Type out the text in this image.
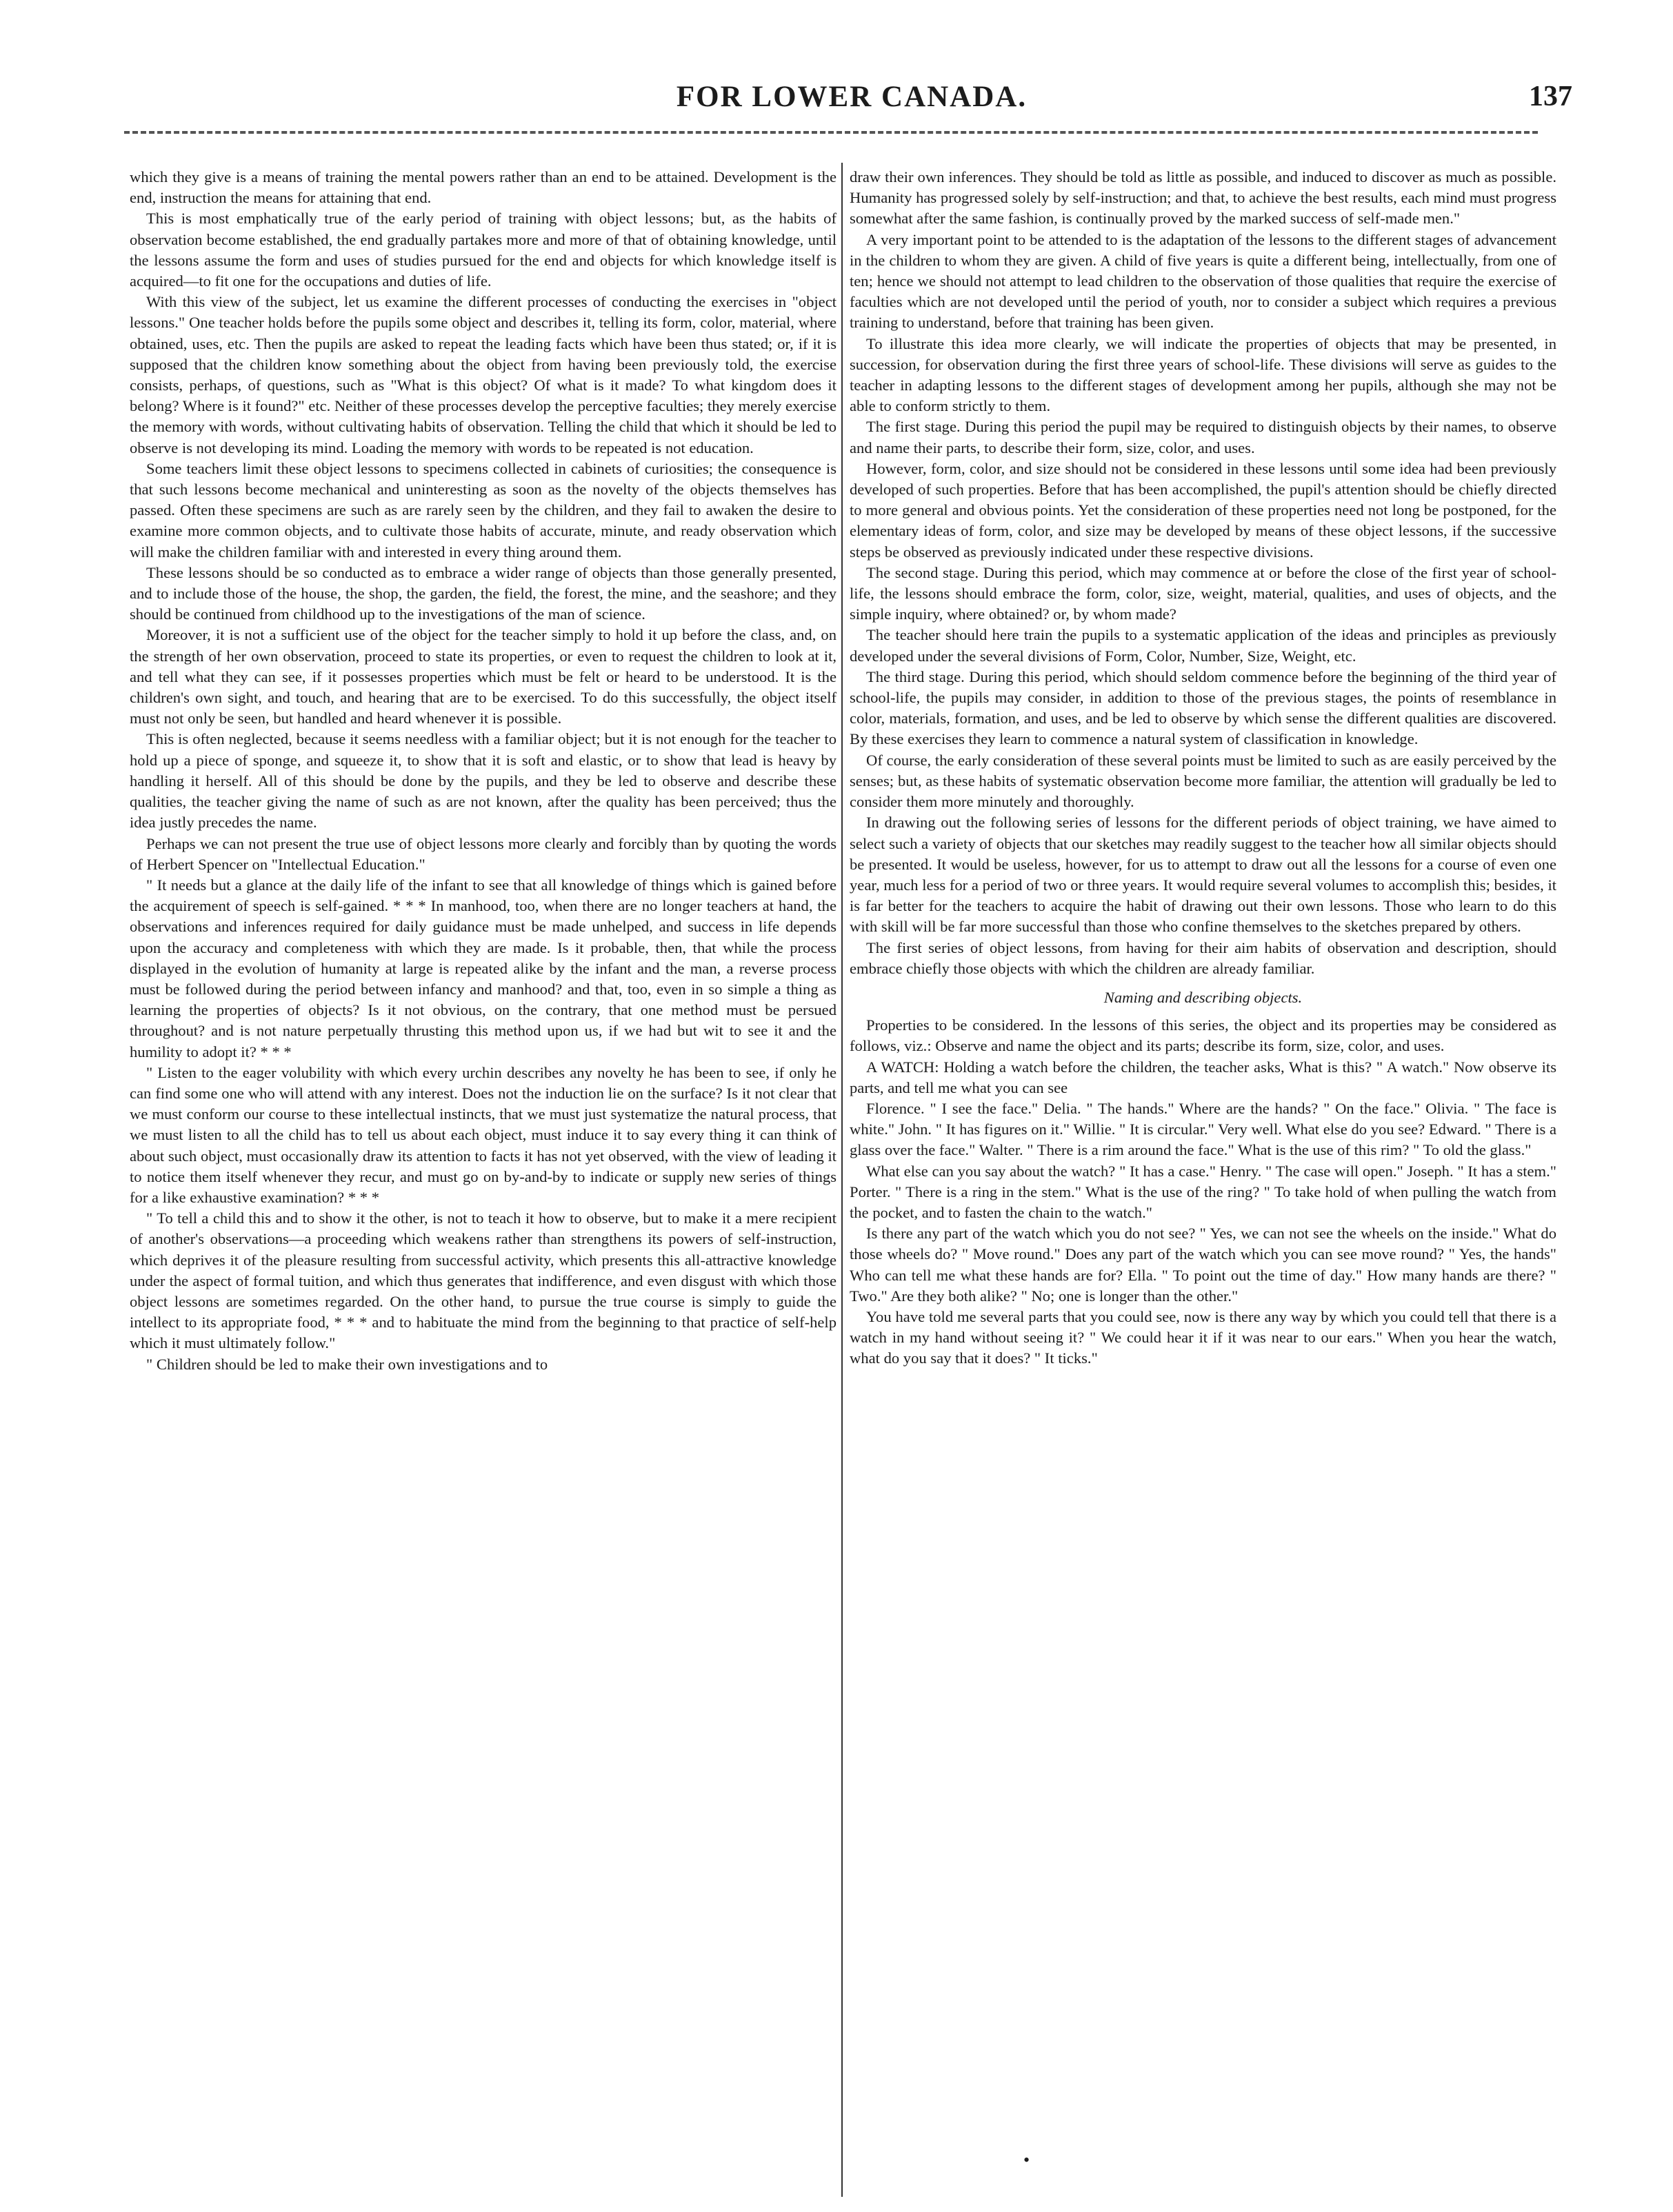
FOR LOWER CANADA.	137

which they give is a means of training the mental powers rather than an end to be attained. Development is the end, instruction the means for attaining that end.

This is most emphatically true of the early period of training with object lessons; but, as the habits of observation become established, the end gradually partakes more and more of that of obtaining knowledge, until the lessons assume the form and uses of studies pursued for the end and objects for which knowledge itself is acquired—to fit one for the occupations and duties of life.

With this view of the subject, let us examine the different processes of conducting the exercises in "object lessons." One teacher holds before the pupils some object and describes it, telling its form, color, material, where obtained, uses, etc. Then the pupils are asked to repeat the leading facts which have been thus stated; or, if it is supposed that the children know something about the object from having been previously told, the exercise consists, perhaps, of questions, such as "What is this object? Of what is it made? To what kingdom does it belong? Where is it found?" etc. Neither of these processes develop the perceptive faculties; they merely exercise the memory with words, without cultivating habits of observation. Telling the child that which it should be led to observe is not developing its mind. Loading the memory with words to be repeated is not education.

Some teachers limit these object lessons to specimens collected in cabinets of curiosities; the consequence is that such lessons become mechanical and uninteresting as soon as the novelty of the objects themselves has passed. Often these specimens are such as are rarely seen by the children, and they fail to awaken the desire to examine more common objects, and to cultivate those habits of accurate, minute, and ready observation which will make the children familiar with and interested in every thing around them.

These lessons should be so conducted as to embrace a wider range of objects than those generally presented, and to include those of the house, the shop, the garden, the field, the forest, the mine, and the seashore; and they should be continued from childhood up to the investigations of the man of science.

Moreover, it is not a sufficient use of the object for the teacher simply to hold it up before the class, and, on the strength of her own observation, proceed to state its properties, or even to request the children to look at it, and tell what they can see, if it possesses properties which must be felt or heard to be understood. It is the children's own sight, and touch, and hearing that are to be exercised. To do this successfully, the object itself must not only be seen, but handled and heard whenever it is possible.

This is often neglected, because it seems needless with a familiar object; but it is not enough for the teacher to hold up a piece of sponge, and squeeze it, to show that it is soft and elastic, or to show that lead is heavy by handling it herself. All of this should be done by the pupils, and they be led to observe and describe these qualities, the teacher giving the name of such as are not known, after the quality has been perceived; thus the idea justly precedes the name.

Perhaps we can not present the true use of object lessons more clearly and forcibly than by quoting the words of Herbert Spencer on "Intellectual Education."

" It needs but a glance at the daily life of the infant to see that all knowledge of things which is gained before the acquirement of speech is self-gained. * * * In manhood, too, when there are no longer teachers at hand, the observations and inferences required for daily guidance must be made unhelped, and success in life depends upon the accuracy and completeness with which they are made. Is it probable, then, that while the process displayed in the evolution of humanity at large is repeated alike by the infant and the man, a reverse process must be followed during the period between infancy and manhood? and that, too, even in so simple a thing as learning the properties of objects? Is it not obvious, on the contrary, that one method must be persued throughout? and is not nature perpetually thrusting this method upon us, if we had but wit to see it and the humility to adopt it? * * *

" Listen to the eager volubility with which every urchin describes any novelty he has been to see, if only he can find some one who will attend with any interest. Does not the induction lie on the surface? Is it not clear that we must conform our course to these intellectual instincts, that we must just systematize the natural process, that we must listen to all the child has to tell us about each object, must induce it to say every thing it can think of about such object, must occasionally draw its attention to facts it has not yet observed, with the view of leading it to notice them itself whenever they recur, and must go on by-and-by to indicate or supply new series of things for a like exhaustive examination? * * *

" To tell a child this and to show it the other, is not to teach it how to observe, but to make it a mere recipient of another's observations—a proceeding which weakens rather than strengthens its powers of self-instruction, which deprives it of the pleasure resulting from successful activity, which presents this all-attractive knowledge under the aspect of formal tuition, and which thus generates that indifference, and even disgust with which those object lessons are sometimes regarded. On the other hand, to pursue the true course is simply to guide the intellect to its appropriate food, * * * and to habituate the mind from the beginning to that practice of self-help which it must ultimately follow."

" Children should be led to make their own investigations and to

draw their own inferences. They should be told as little as possible, and induced to discover as much as possible. Humanity has progressed solely by self-instruction; and that, to achieve the best results, each mind must progress somewhat after the same fashion, is continually proved by the marked success of self-made men."

A very important point to be attended to is the adaptation of the lessons to the different stages of advancement in the children to whom they are given. A child of five years is quite a different being, intellectually, from one of ten; hence we should not attempt to lead children to the observation of those qualities that require the exercise of faculties which are not developed until the period of youth, nor to consider a subject which requires a previous training to understand, before that training has been given.

To illustrate this idea more clearly, we will indicate the properties of objects that may be presented, in succession, for observation during the first three years of school-life. These divisions will serve as guides to the teacher in adapting lessons to the different stages of development among her pupils, although she may not be able to conform strictly to them.

The first stage. During this period the pupil may be required to distinguish objects by their names, to observe and name their parts, to describe their form, size, color, and uses.

However, form, color, and size should not be considered in these lessons until some idea had been previously developed of such properties. Before that has been accomplished, the pupil's attention should be chiefly directed to more general and obvious points. Yet the consideration of these properties need not long be postponed, for the elementary ideas of form, color, and size may be developed by means of these object lessons, if the successive steps be observed as previously indicated under these respective divisions.

The second stage. During this period, which may commence at or before the close of the first year of school-life, the lessons should embrace the form, color, size, weight, material, qualities, and uses of objects, and the simple inquiry, where obtained? or, by whom made?

The teacher should here train the pupils to a systematic application of the ideas and principles as previously developed under the several divisions of Form, Color, Number, Size, Weight, etc.

The third stage. During this period, which should seldom commence before the beginning of the third year of school-life, the pupils may consider, in addition to those of the previous stages, the points of resemblance in color, materials, formation, and uses, and be led to observe by which sense the different qualities are discovered. By these exercises they learn to commence a natural system of classification in knowledge.

Of course, the early consideration of these several points must be limited to such as are easily perceived by the senses; but, as these habits of systematic observation become more familiar, the attention will gradually be led to consider them more minutely and thoroughly.

In drawing out the following series of lessons for the different periods of object training, we have aimed to select such a variety of objects that our sketches may readily suggest to the teacher how all similar objects should be presented. It would be useless, however, for us to attempt to draw out all the lessons for a course of even one year, much less for a period of two or three years. It would require several volumes to accomplish this; besides, it is far better for the teachers to acquire the habit of drawing out their own lessons. Those who learn to do this with skill will be far more successful than those who confine themselves to the sketches prepared by others.

The first series of object lessons, from having for their aim habits of observation and description, should embrace chiefly those objects with which the children are already familiar.

Naming and describing objects.

Properties to be considered. In the lessons of this series, the object and its properties may be considered as follows, viz.: Observe and name the object and its parts; describe its form, size, color, and uses.

A WATCH: Holding a watch before the children, the teacher asks, What is this? " A watch." Now observe its parts, and tell me what you can see

Florence. " I see the face." Delia. " The hands." Where are the hands? " On the face." Olivia. " The face is white." John. " It has figures on it." Willie. " It is circular." Very well. What else do you see? Edward. " There is a glass over the face." Walter. " There is a rim around the face." What is the use of this rim? " To old the glass."

What else can you say about the watch? " It has a case." Henry. " The case will open." Joseph. " It has a stem." Porter. " There is a ring in the stem." What is the use of the ring? " To take hold of when pulling the watch from the pocket, and to fasten the chain to the watch."

Is there any part of the watch which you do not see? " Yes, we can not see the wheels on the inside." What do those wheels do? " Move round." Does any part of the watch which you can see move round? " Yes, the hands" Who can tell me what these hands are for? Ella. " To point out the time of day." How many hands are there? " Two." Are they both alike? " No; one is longer than the other."

You have told me several parts that you could see, now is there any way by which you could tell that there is a watch in my hand without seeing it? " We could hear it if it was near to our ears." When you hear the watch, what do you say that it does? " It ticks."

•
